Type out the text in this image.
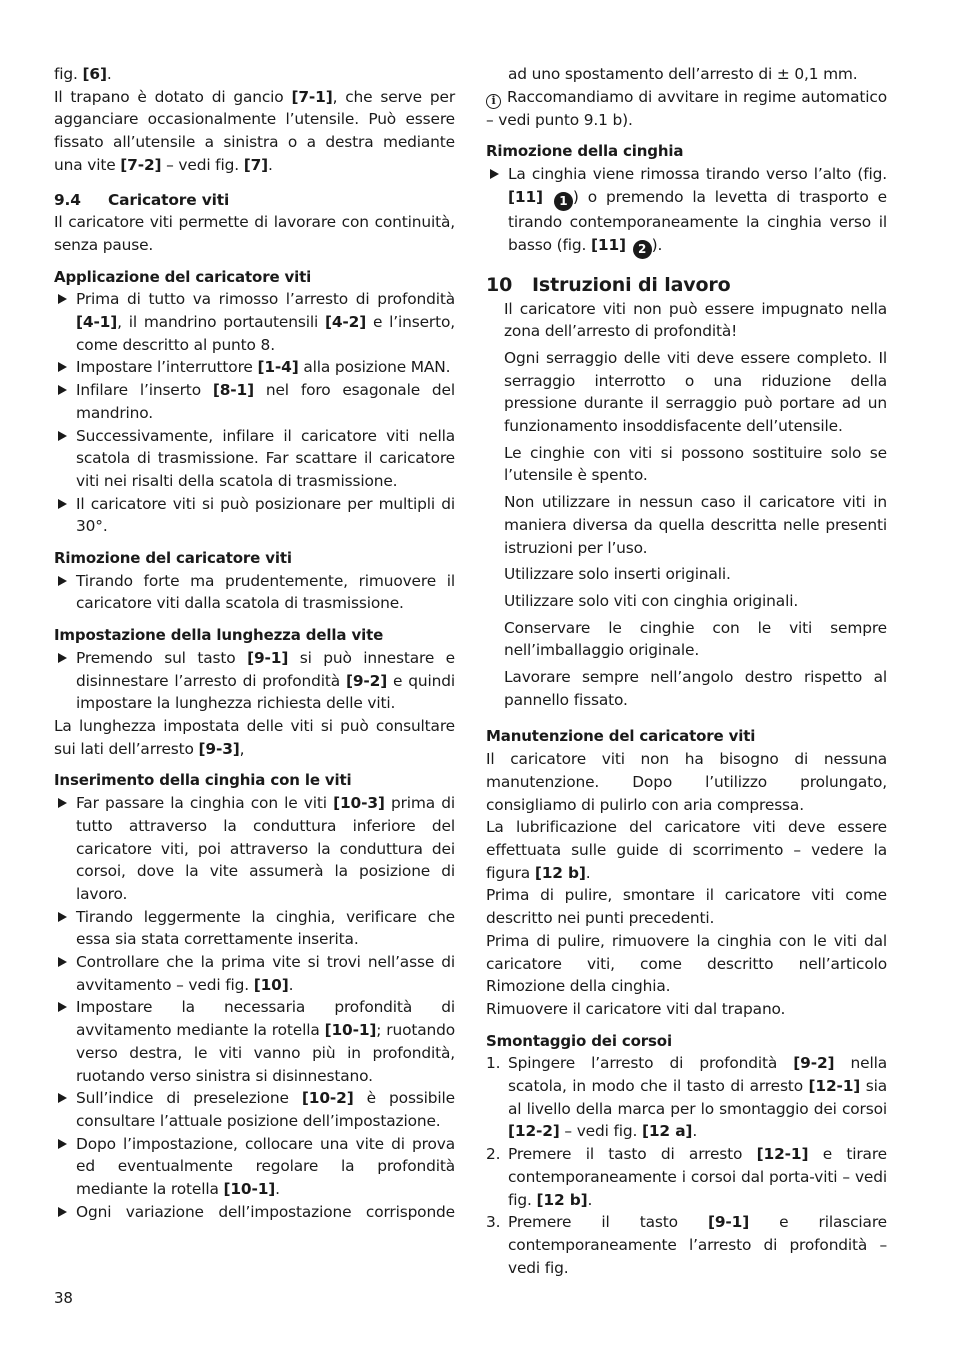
fig. [6].

Il trapano è dotato di gancio [7-1], che serve per agganciare occasionalmente l’utensile. Può essere fissato all’utensile a sinistra o a destra mediante una vite [7-2] – vedi fig. [7].

9.4 Caricatore viti

Il caricatore viti permette di lavorare con continuità, senza pause.

Applicazione del caricatore viti
Prima di tutto va rimosso l’arresto di profondità [4-1], il mandrino portautensili [4-2] e l’inserto, come descritto al punto 8.
Impostare l’interruttore [1-4] alla posizione MAN.
Infilare l’inserto [8-1] nel foro esagonale del mandrino.
Successivamente, infilare il caricatore viti nella scatola di trasmissione. Far scattare il caricatore viti nei risalti della scatola di trasmissione.
Il caricatore viti si può posizionare per multipli di 30°.
Rimozione del caricatore viti
Tirando forte ma prudentemente, rimuovere il caricatore viti dalla scatola di trasmissione.
Impostazione della lunghezza della vite
Premendo sul tasto [9-1] si può innestare e disinnestare l’arresto di profondità [9-2] e quindi impostare la lunghezza richiesta delle viti.

La lunghezza impostata delle viti si può consultare sui lati dell’arresto [9-3],

Inserimento della cinghia con le viti
Far passare la cinghia con le viti [10-3] prima di tutto attraverso la conduttura inferiore del caricatore viti, poi attraverso la conduttura dei corsoi, dove la vite assumerà la posizione di lavoro.
Tirando leggermente la cinghia, verificare che essa sia stata correttamente inserita.
Controllare che la prima vite si trovi nell’asse di avvitamento – vedi fig. [10].
Impostare la necessaria profondità di avvitamento mediante la rotella [10-1]; ruotando verso destra, le viti vanno più in profondità, ruotando verso sinistra si disinnestano.
Sull’indice di preselezione [10-2] è possibile consultare l’attuale posizione dell’impostazione.
Dopo l’impostazione, collocare una vite di prova ed eventualmente regolare la profondità mediante la rotella [10-1].
Ogni variazione dell’impostazione corrisponde

ad uno spostamento dell’arresto di ± 0,1 mm.

i Raccomandiamo di avvitare in regime automatico – vedi punto 9.1 b).

Rimozione della cinghia
La cinghia viene rimossa tirando verso l’alto (fig. [11] 1 ) o premendo la levetta di trasporto e tirando contemporaneamente la cinghia verso il basso (fig. [11] 2 ).
10 Istruzioni di lavoro

Il caricatore viti non può essere impugnato nella zona dell’arresto di profondità!

Ogni serraggio delle viti deve essere completo. Il serraggio interrotto o una riduzione della pressione durante il serraggio può portare ad un funzionamento insoddisfacente dell’utensile.

Le cinghie con viti si possono sostituire solo se l’utensile è spento.

Non utilizzare in nessun caso il caricatore viti in maniera diversa da quella descritta nelle presenti istruzioni per l’uso.

Utilizzare solo inserti originali.

Utilizzare solo viti con cinghia originali.

Conservare le cinghie con le viti sempre nell’imballaggio originale.

Lavorare sempre nell’angolo destro rispetto al pannello fissato.

Manutenzione del caricatore viti

Il caricatore viti non ha bisogno di nessuna manutenzione. Dopo l’utilizzo prolungato, consigliamo di pulirlo con aria compressa.

La lubrificazione del caricatore viti deve essere effettuata sulle guide di scorrimento – vedere la figura [12 b].

Prima di pulire, smontare il caricatore viti come descritto nei punti precedenti.

Prima di pulire, rimuovere la cinghia con le viti dal caricatore viti, come descritto nell’articolo Rimozione della cinghia.

Rimuovere il caricatore viti dal trapano.

Smontaggio dei corsoi
1. Spingere l’arresto di profondità [9-2] nella scatola, in modo che il tasto di arresto [12-1] sia al livello della marca per lo smontaggio dei corsoi [12-2] – vedi fig. [12 a].
2. Premere il tasto di arresto [12-1] e tirare contemporaneamente i corsoi dal porta-viti – vedi fig. [12 b].
3. Premere il tasto [9-1] e rilasciare contemporaneamente l’arresto di profondità – vedi fig.
38
